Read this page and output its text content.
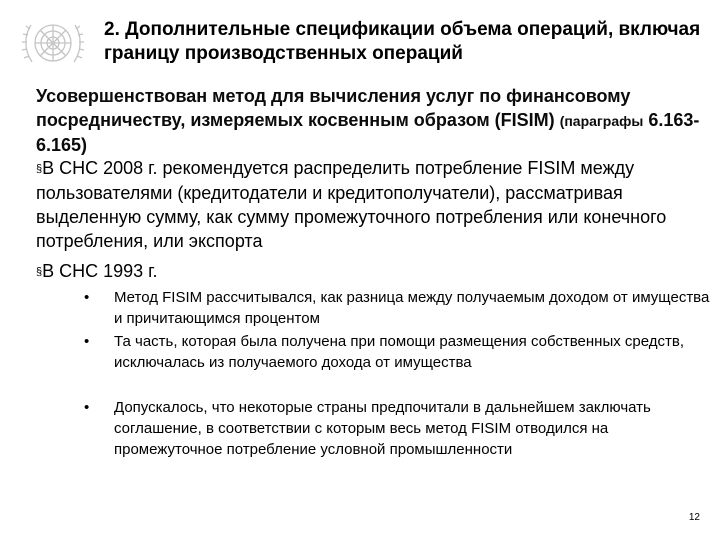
2. Дополнительные спецификации объема операций, включая границу производственных операций
Усовершенствован метод для вычисления услуг по финансовому посредничеству, измеряемых косвенным образом (FISIM) (параграфы 6.163-6.165)
§В СНС 2008 г. рекомендуется распределить потребление FISIM между пользователями (кредитодатели и кредитополучатели), рассматривая выделенную сумму, как сумму промежуточного потребления или конечного потребления, или экспорта
§В СНС 1993 г.
• Метод FISIM рассчитывался, как разница между получаемым доходом от имущества и причитающимся процентом
• Та часть, которая была получена при помощи размещения собственных средств, исключалась из получаемого дохода от имущества
• Допускалось, что некоторые страны предпочитали в дальнейшем заключать соглашение, в соответствии с которым весь метод FISIM отводился на промежуточное потребление условной промышленности
12
